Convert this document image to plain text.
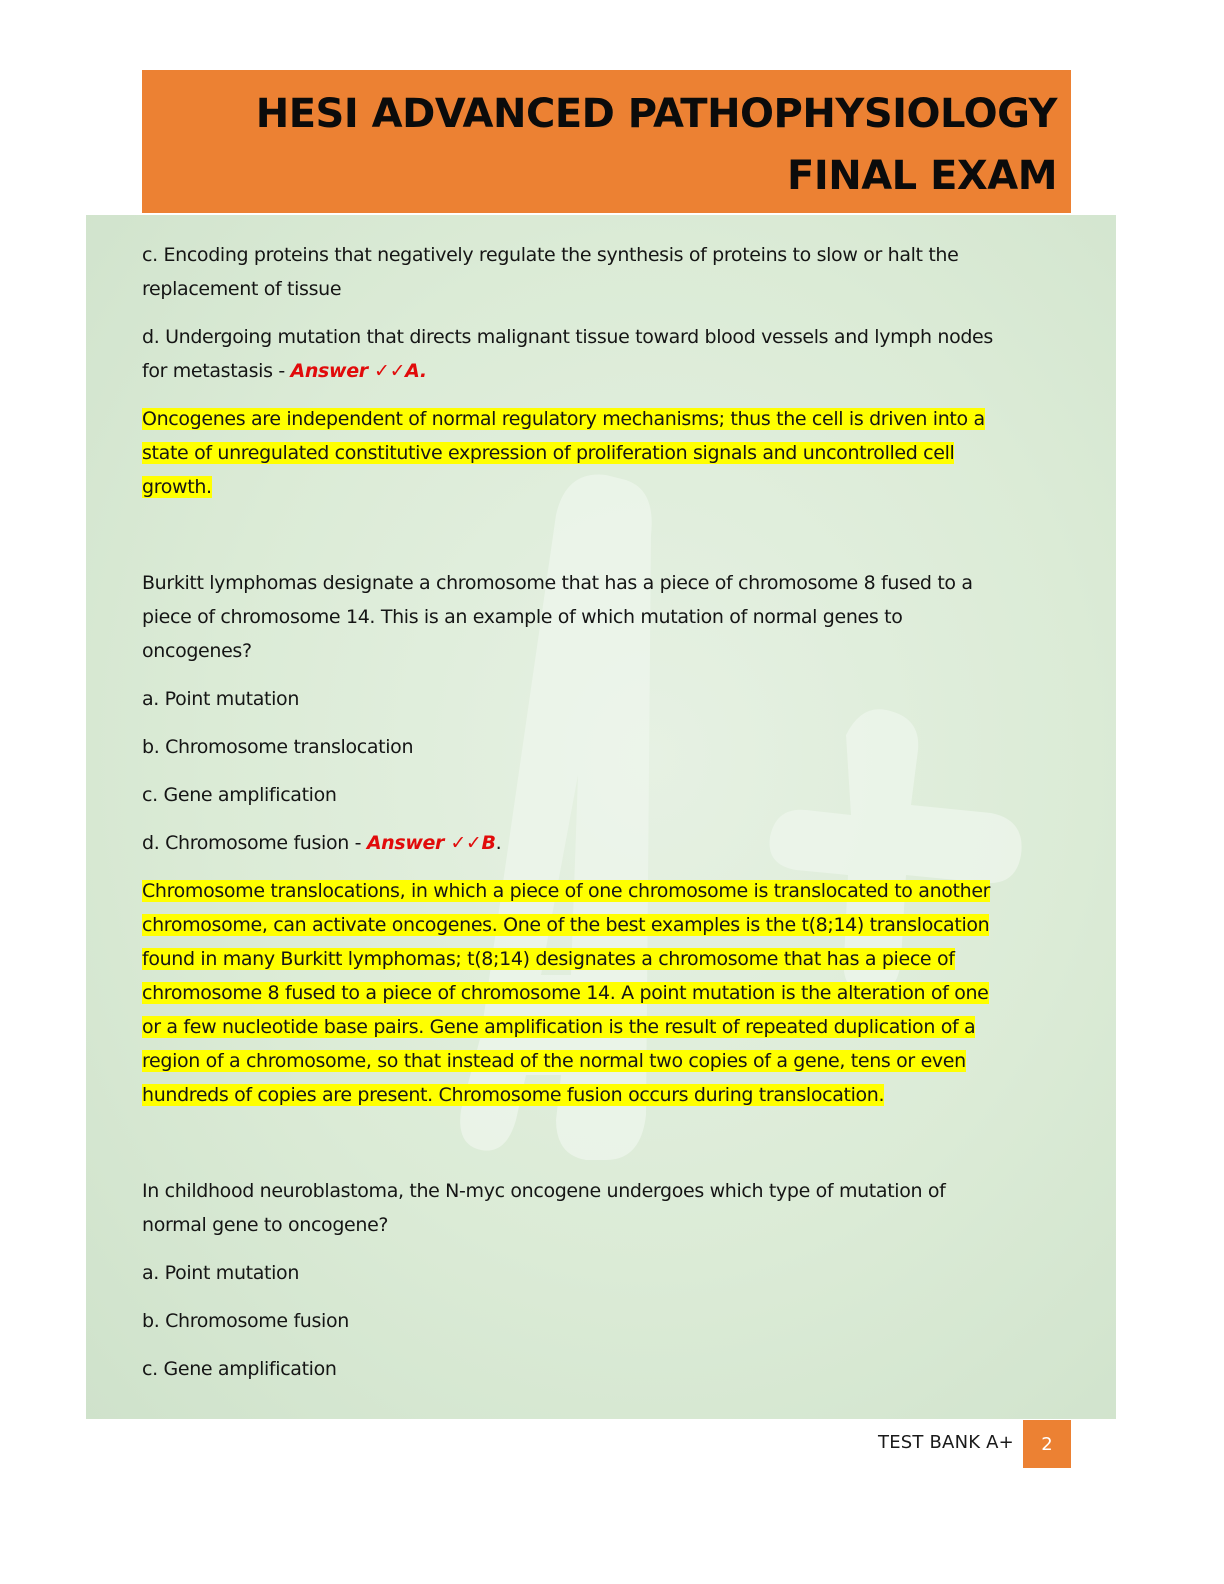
HESI ADVANCED PATHOPHYSIOLOGY
FINAL EXAM

c. Encoding proteins that negatively regulate the synthesis of proteins to slow or halt the
replacement of tissue

d. Undergoing mutation that directs malignant tissue toward blood vessels and lymph nodes
for metastasis - Answer ✓✓A.

Oncogenes are independent of normal regulatory mechanisms; thus the cell is driven into a
state of unregulated constitutive expression of proliferation signals and uncontrolled cell
growth.

Burkitt lymphomas designate a chromosome that has a piece of chromosome 8 fused to a
piece of chromosome 14. This is an example of which mutation of normal genes to
oncogenes?

a. Point mutation

b. Chromosome translocation

c. Gene amplification

d. Chromosome fusion - Answer ✓✓B.

Chromosome translocations, in which a piece of one chromosome is translocated to another
chromosome, can activate oncogenes. One of the best examples is the t(8;14) translocation
found in many Burkitt lymphomas; t(8;14) designates a chromosome that has a piece of
chromosome 8 fused to a piece of chromosome 14. A point mutation is the alteration of one
or a few nucleotide base pairs. Gene amplification is the result of repeated duplication of a
region of a chromosome, so that instead of the normal two copies of a gene, tens or even
hundreds of copies are present. Chromosome fusion occurs during translocation.

In childhood neuroblastoma, the N-myc oncogene undergoes which type of mutation of
normal gene to oncogene?

a. Point mutation

b. Chromosome fusion

c. Gene amplification

TEST BANK A+	2
